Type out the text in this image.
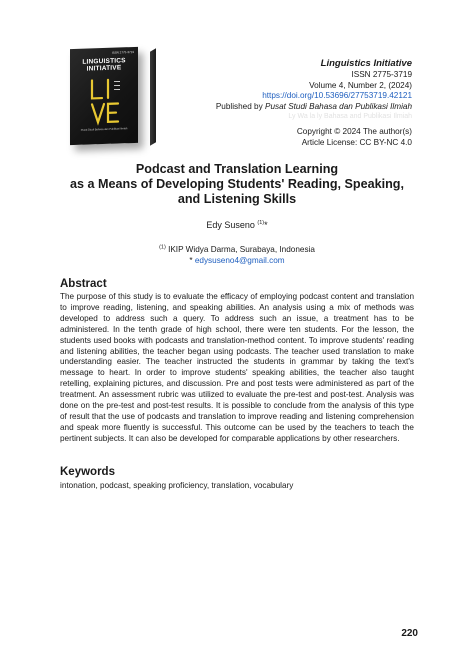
ISSN 2775-3719
LINGUISTICS
INITIATIVE
Pusat Studi Bahasa dan Publikasi Ilmiah
Linguistics Initiative
ISSN 2775-3719
Volume 4, Number 2, (2024)
https://doi.org/10.53696/27753719.42121
Published by Pusat Studi Bahasa dan Publikasi Ilmiah
Ly Wa la ly Bahasa and Publikasi Ilmiah
Copyright © 2024 The author(s)
Article License: CC BY-NC 4.0
Podcast and Translation Learning
as a Means of Developing Students' Reading, Speaking,
and Listening Skills
Edy Suseno $^{(1)}$*
$^{(1)}$ IKIP Widya Darma, Surabaya, Indonesia
* edysuseno4@gmail.com
Abstract

The purpose of this study is to evaluate the efficacy of employing podcast content and translation to improve reading, listening, and speaking abilities. An analysis using a mix of methods was developed to address such a query. To address such an issue, a treatment has to be administered. In the tenth grade of high school, there were ten students. For the lesson, the students used books with podcasts and translation-method content. To improve students' reading and listening abilities, the teacher began using podcasts. The teacher used translation to make understanding easier. The teacher instructed the students in grammar by taking the text's message to heart. In order to improve students' speaking abilities, the teacher also taught retelling, explaining pictures, and discussion. Pre and post tests were administered as part of the treatment. An assessment rubric was utilized to evaluate the pre-test and post-test. Analysis was done on the pre-test and post-test results. It is possible to conclude from the analysis of this type of result that the use of podcasts and translation to improve reading and listening comprehension and speak more fluently is successful. This outcome can be used by the teachers to teach the pertinent subjects. It can also be developed for comparable applications by other researchers.

Keywords
intonation, podcast, speaking proficiency, translation, vocabulary
220
